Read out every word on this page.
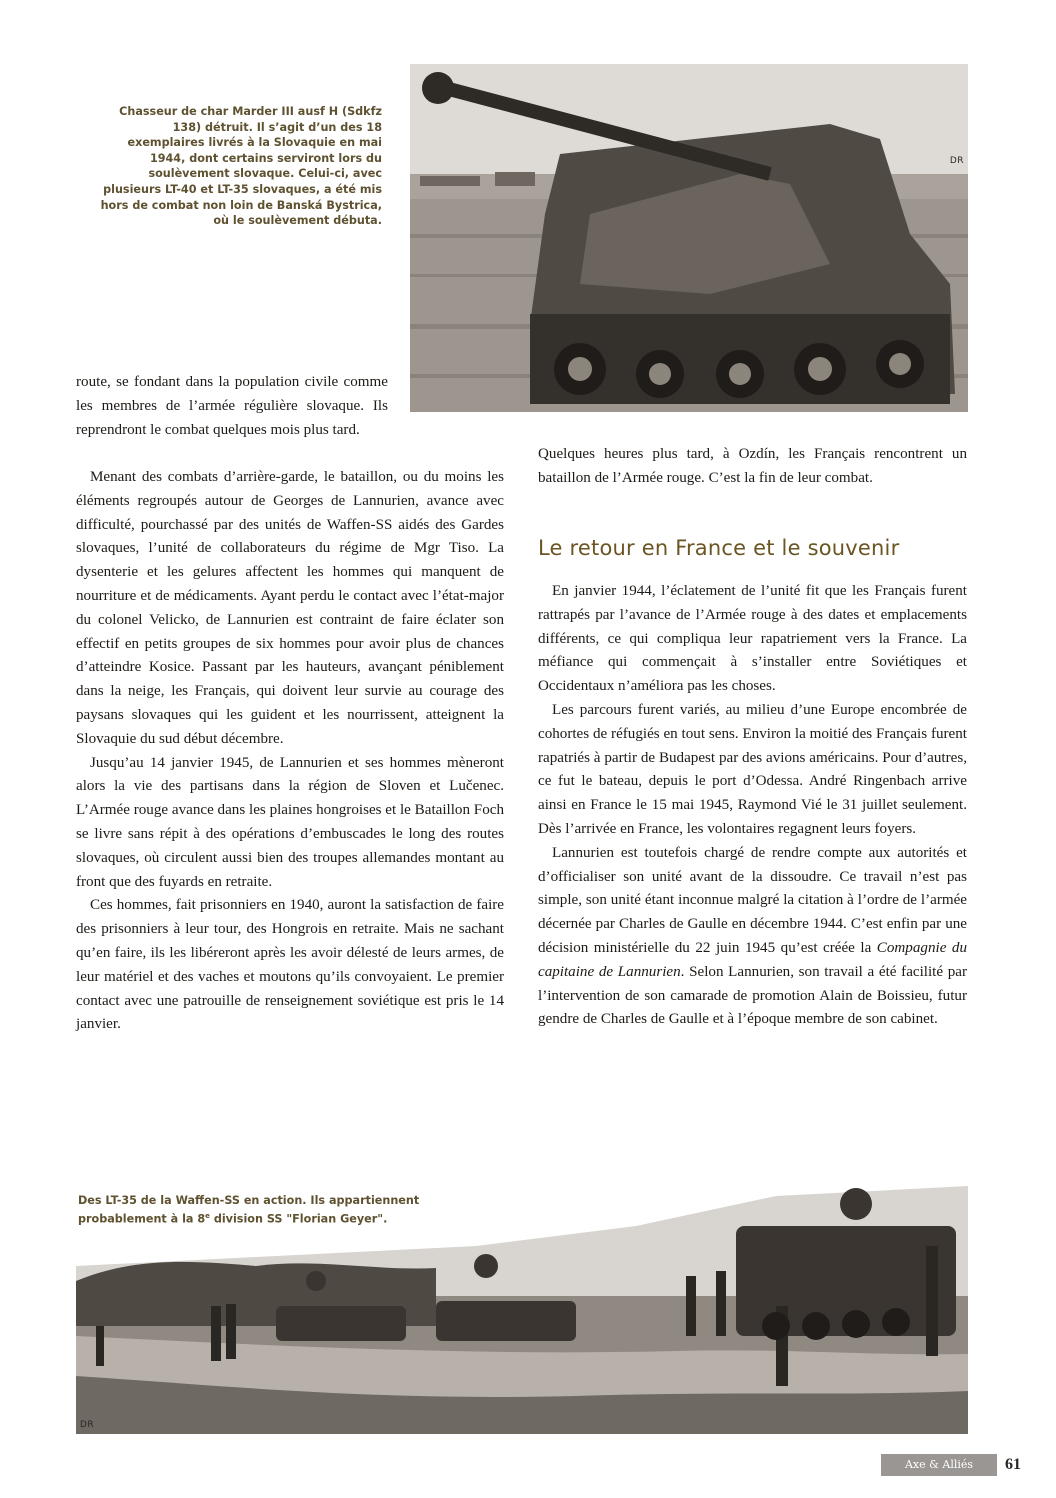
DR

Chasseur de char Marder III ausf H (Sdkfz 138) détruit. Il s’agit d’un des 18 exemplaires livrés à la Slovaquie en mai 1944, dont certains serviront lors du soulèvement slovaque. Celui-ci, avec plusieurs LT-40 et LT-35 slovaques, a été mis hors de combat non loin de Banská Bystrica, où le soulèvement débuta.

route, se fondant dans la population civile comme les membres de l’armée régulière slovaque. Ils reprendront le combat quelques mois plus tard.

Menant des combats d’arrière-garde, le bataillon, ou du moins les éléments regroupés autour de Georges de Lannurien, avance avec difficulté, pourchassé par des unités de Waffen-SS aidés des Gardes slovaques, l’unité de collaborateurs du régime de Mgr Tiso. La dysenterie et les gelures affectent les hommes qui manquent de nourriture et de médicaments. Ayant perdu le contact avec l’état-major du colonel Velicko, de Lannurien est contraint de faire éclater son effectif en petits groupes de six hommes pour avoir plus de chances d’atteindre Kosice. Passant par les hauteurs, avançant péniblement dans la neige, les Français, qui doivent leur survie au courage des paysans slovaques qui les guident et les nourrissent, atteignent la Slovaquie du sud début décembre.

Jusqu’au 14 janvier 1945, de Lannurien et ses hommes mèneront alors la vie des partisans dans la région de Sloven et Lučenec. L’Armée rouge avance dans les plaines hongroises et le Bataillon Foch se livre sans répit à des opérations d’embuscades le long des routes slovaques, où circulent aussi bien des troupes allemandes montant au front que des fuyards en retraite.

Ces hommes, fait prisonniers en 1940, auront la satisfaction de faire des prisonniers à leur tour, des Hongrois en retraite. Mais ne sachant qu’en faire, ils les libéreront après les avoir délesté de leurs armes, de leur matériel et des vaches et moutons qu’ils convoyaient. Le premier contact avec une patrouille de renseignement soviétique est pris le 14 janvier.

Quelques heures plus tard, à Ozdín, les Français rencontrent un bataillon de l’Armée rouge. C’est la fin de leur combat.

Le retour en France et le souvenir

En janvier 1944, l’éclatement de l’unité fit que les Français furent rattrapés par l’avance de l’Armée rouge à des dates et emplacements différents, ce qui compliqua leur rapatriement vers la France. La méfiance qui commençait à s’installer entre Soviétiques et Occidentaux n’améliora pas les choses.

Les parcours furent variés, au milieu d’une Europe encombrée de cohortes de réfugiés en tout sens. Environ la moitié des Français furent rapatriés à partir de Budapest par des avions américains. Pour d’autres, ce fut le bateau, depuis le port d’Odessa. André Ringenbach arrive ainsi en France le 15 mai 1945, Raymond Vié le 31 juillet seulement. Dès l’arrivée en France, les volontaires regagnent leurs foyers.

Lannurien est toutefois chargé de rendre compte aux autorités et d’officialiser son unité avant de la dissoudre. Ce travail n’est pas simple, son unité étant inconnue malgré la citation à l’ordre de l’armée décernée par Charles de Gaulle en décembre 1944. C’est enfin par une décision ministérielle du 22 juin 1945 qu’est créée la Compagnie du capitaine de Lannurien. Selon Lannurien, son travail a été facilité par l’intervention de son camarade de promotion Alain de Boissieu, futur gendre de Charles de Gaulle et à l’époque membre de son cabinet.

Des LT-35 de la Waffen-SS en action. Ils appartiennent
probablement à la 8e division SS "Florian Geyer".

DR
Axe & Alliés	61
